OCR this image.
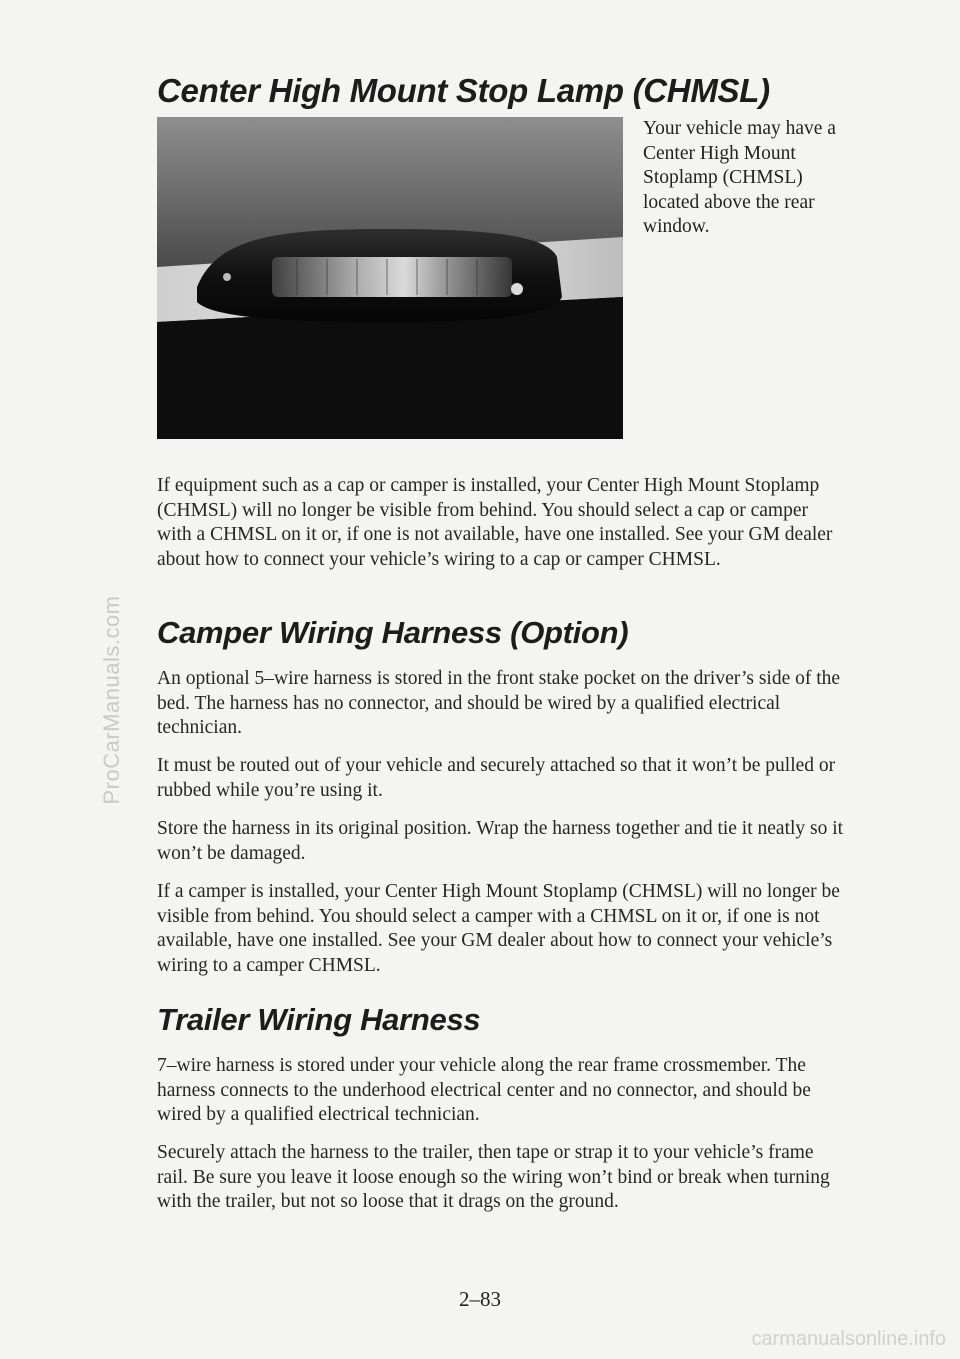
ProCarManuals.com
Center High Mount Stop Lamp (CHMSL)

Your vehicle may have a Center High Mount Stoplamp (CHMSL) located above the rear window.

If equipment such as a cap or camper is installed, your Center High Mount Stoplamp (CHMSL) will no longer be visible from behind. You should select a cap or camper with a CHMSL on it or, if one is not available, have one installed. See your GM dealer about how to connect your vehicle’s wiring to a cap or camper CHMSL.

Camper Wiring Harness (Option)

An optional 5–wire harness is stored in the front stake pocket on the driver’s side of the bed. The harness has no connector, and should be wired by a qualified electrical technician.

It must be routed out of your vehicle and securely attached so that it won’t be pulled or rubbed while you’re using it.

Store the harness in its original position. Wrap the harness together and tie it neatly so it won’t be damaged.

If a camper is installed, your Center High Mount Stoplamp (CHMSL) will no longer be visible from behind. You should select a camper with a CHMSL on it or, if one is not available, have one installed. See your GM dealer about how to connect your vehicle’s wiring to a camper CHMSL.

Trailer Wiring Harness

7–wire harness is stored under your vehicle along the rear frame crossmember. The harness connects to the underhood electrical center and no connector, and should be wired by a qualified electrical technician.

Securely attach the harness to the trailer, then tape or strap it to your vehicle’s frame rail. Be sure you leave it loose enough so the wiring won’t bind or break when turning with the trailer, but not so loose that it drags on the ground.

2–83
carmanualsonline.info
